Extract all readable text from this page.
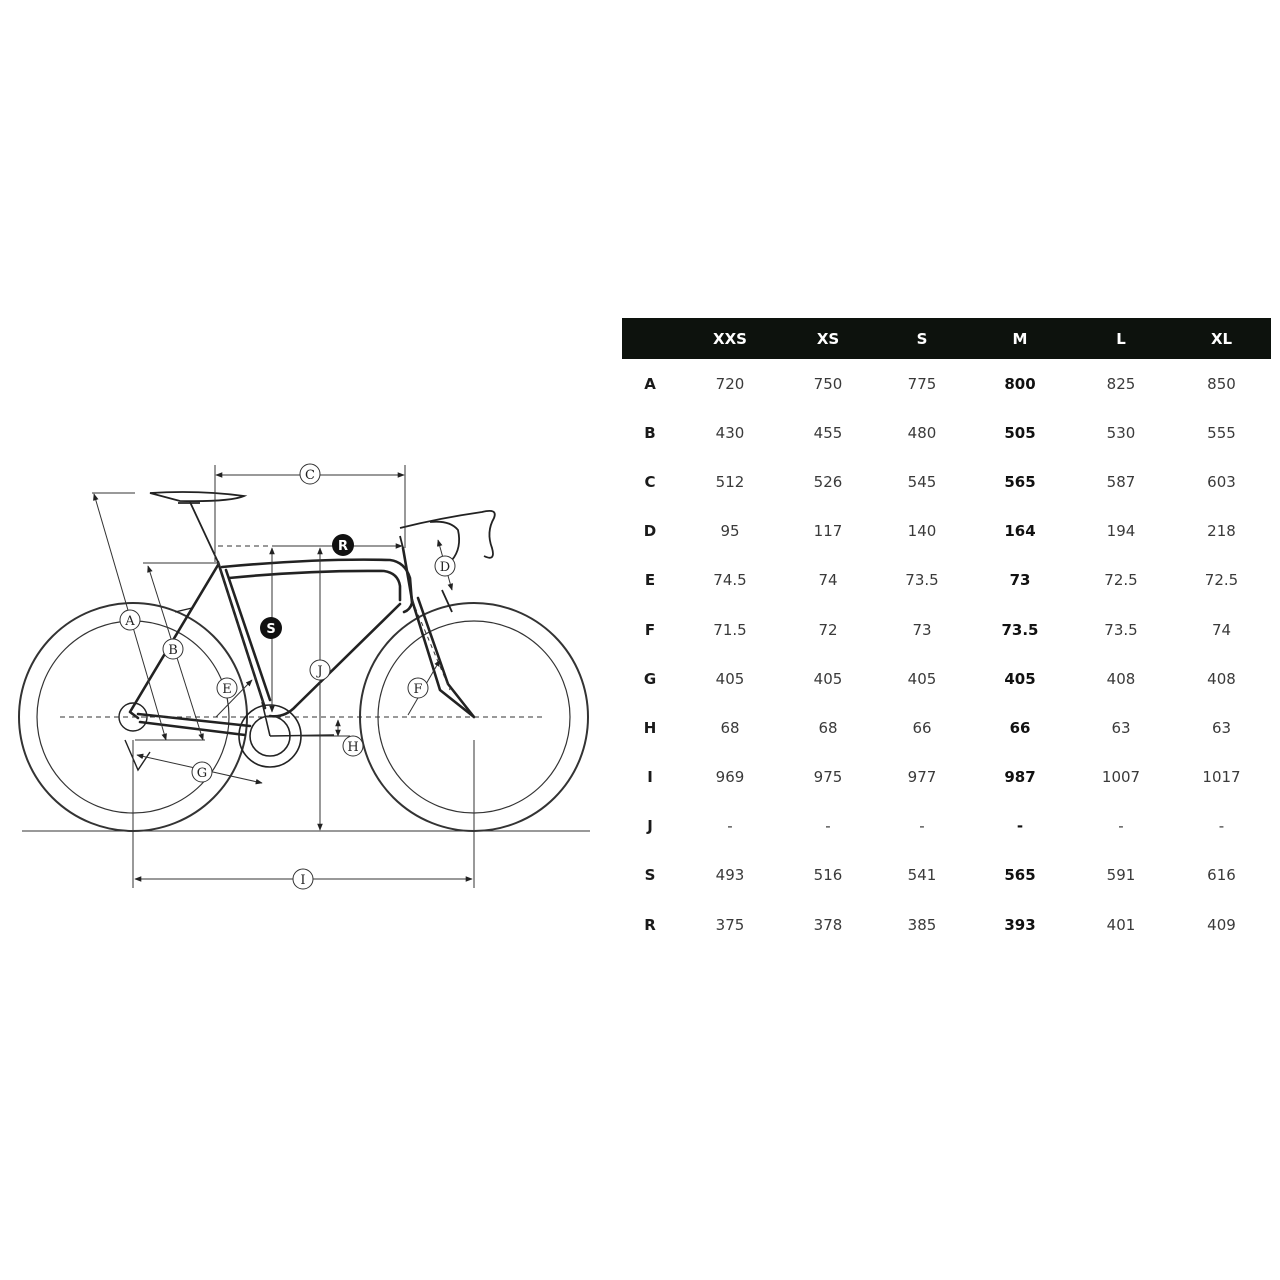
C
R
S
D
A
B
E
J
F
H
G
I
XXS	XS	S	M	L	XL
A	720	750	775	800	825	850
B	430	455	480	505	530	555
C	512	526	545	565	587	603
D	95	117	140	164	194	218
E	74.5	74	73.5	73	72.5	72.5
F	71.5	72	73	73.5	73.5	74
G	405	405	405	405	408	408
H	68	68	66	66	63	63
I	969	975	977	987	1007	1017
J	-	-	-	-	-	-
S	493	516	541	565	591	616
R	375	378	385	393	401	409
